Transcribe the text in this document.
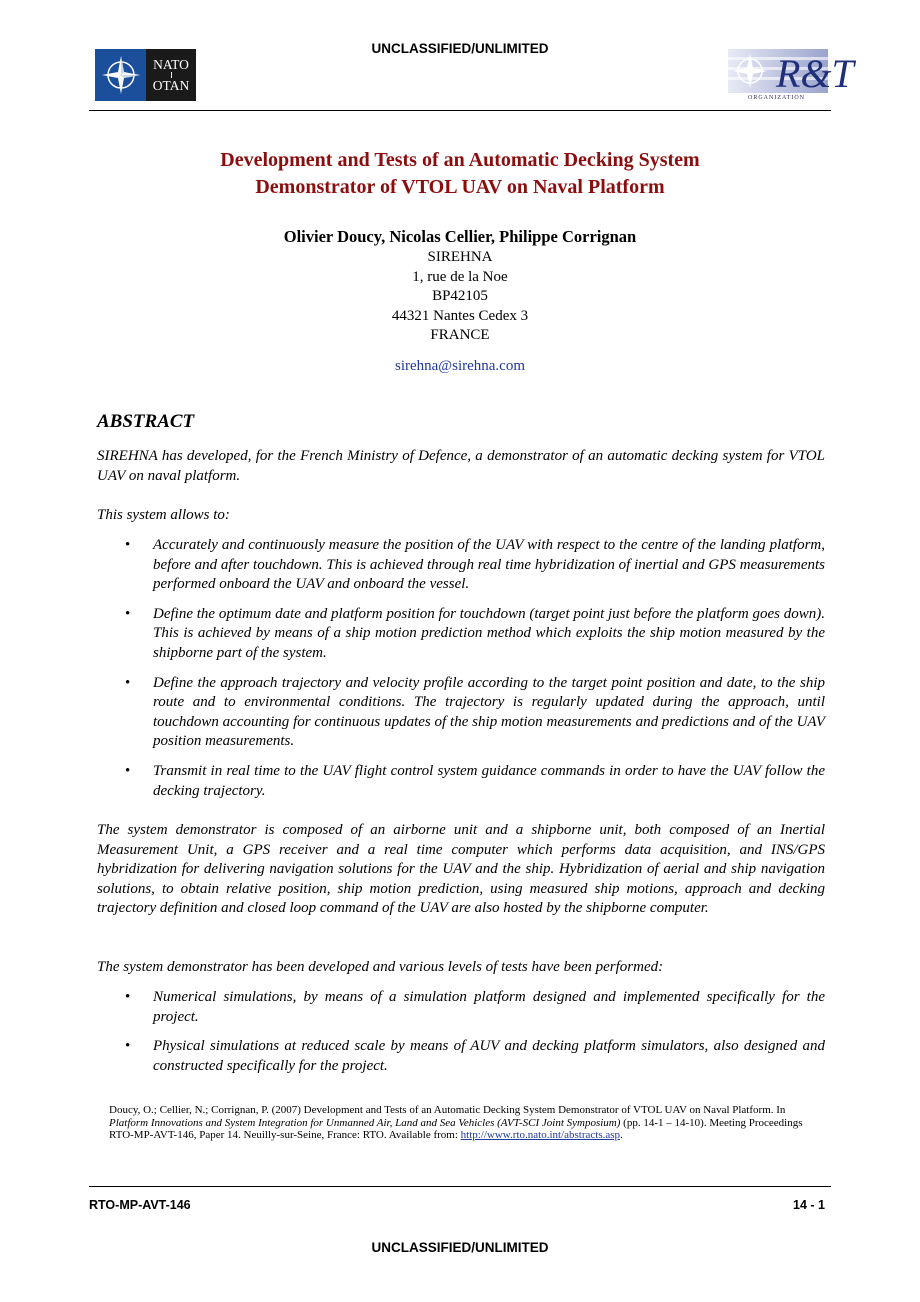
UNCLASSIFIED/UNLIMITED
NATO
OTAN	R&T
ORGANIZATION
Development and Tests of an Automatic Decking System
Demonstrator of VTOL UAV on Naval Platform
Olivier Doucy, Nicolas Cellier, Philippe Corrignan
SIREHNA
1, rue de la Noe
BP42105
44321 Nantes Cedex 3
FRANCE
sirehna@sirehna.com
ABSTRACT
SIREHNA has developed, for the French Ministry of Defence, a demonstrator of an automatic decking system for VTOL UAV on naval platform.
This system allows to:
• Accurately and continuously measure the position of the UAV with respect to the centre of the landing platform, before and after touchdown. This is achieved through real time hybridization of inertial and GPS measurements performed onboard the UAV and onboard the vessel.
• Define the optimum date and platform position for touchdown (target point just before the platform goes down). This is achieved by means of a ship motion prediction method which exploits the ship motion measured by the shipborne part of the system.
• Define the approach trajectory and velocity profile according to the target point position and date, to the ship route and to environmental conditions. The trajectory is regularly updated during the approach, until touchdown accounting for continuous updates of the ship motion measurements and predictions and of the UAV position measurements.
• Transmit in real time to the UAV flight control system guidance commands in order to have the UAV follow the decking trajectory.
The system demonstrator is composed of an airborne unit and a shipborne unit, both composed of an Inertial Measurement Unit, a GPS receiver and a real time computer which performs data acquisition, and INS/GPS hybridization for delivering navigation solutions for the UAV and the ship. Hybridization of aerial and ship navigation solutions, to obtain relative position, ship motion prediction, using measured ship motions, approach and decking trajectory definition and closed loop command of the UAV are also hosted by the shipborne computer.
The system demonstrator has been developed and various levels of tests have been performed:
• Numerical simulations, by means of a simulation platform designed and implemented specifically for the project.
• Physical simulations at reduced scale by means of AUV and decking platform simulators, also designed and constructed specifically for the project.
Doucy, O.; Cellier, N.; Corrignan, P. (2007) Development and Tests of an Automatic Decking System Demonstrator of VTOL UAV on Naval Platform. In Platform Innovations and System Integration for Unmanned Air, Land and Sea Vehicles (AVT-SCI Joint Symposium) (pp. 14-1 – 14-10). Meeting Proceedings RTO-MP-AVT-146, Paper 14. Neuilly-sur-Seine, France: RTO. Available from: http://www.rto.nato.int/abstracts.asp.
RTO-MP-AVT-146	14 - 1
UNCLASSIFIED/UNLIMITED
